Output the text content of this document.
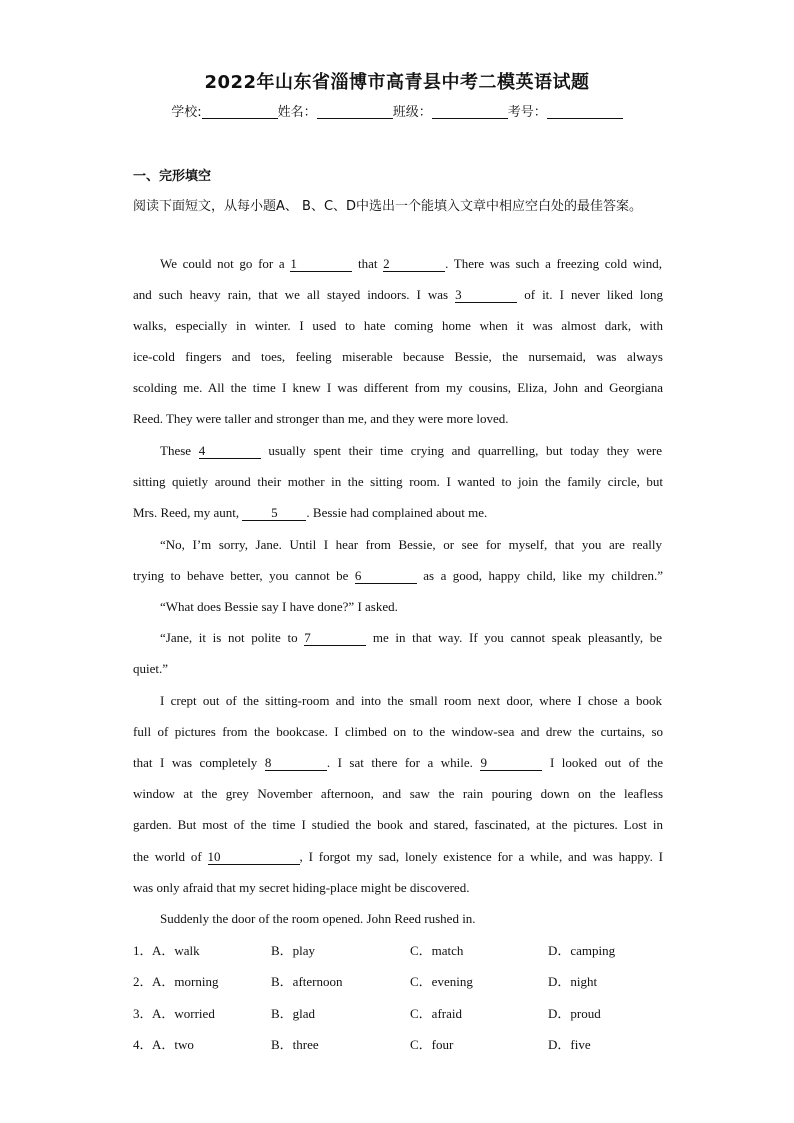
2022年山东省淄博市高青县中考二模英语试题
学校:	姓名：	班级：	考号：
一、完形填空
阅读下面短文，从每小题A、 B、C、D中选出一个能填入文章中相应空白处的最佳答案。
We could not go for a 1	that 2	. There was such a freezing cold wind,
and such heavy rain, that we all stayed indoors. I was 3	of it. I never liked long
walks, especially in winter. I used to hate coming home when it was almost dark, with
ice-cold fingers and toes, feeling miserable because Bessie, the nursemaid, was always
scolding me. All the time I knew I was different from my cousins, Eliza, John and Georgiana
Reed. They were taller and stronger than me, and they were more loved.
These 4	usually spent their time crying and quarrelling, but today they were
sitting quietly around their mother in the sitting room. I wanted to join the family circle, but
Mrs. Reed, my aunt, 5 . Bessie had complained about me.
“No, I’m sorry, Jane. Until I hear from Bessie, or see for myself, that you are really
trying to behave better, you cannot be 6	as a good, happy child, like my children.”
“What does Bessie say I have done?” I asked.
“Jane, it is not polite to 7	me in that way. If you cannot speak pleasantly, be
quiet.”
I crept out of the sitting-room and into the small room next door, where I chose a book
full of pictures from the bookcase. I climbed on to the window-sea and drew the curtains, so
that I was completely 8	. I sat there for a while. 9	I looked out of the
window at the grey November afternoon, and saw the rain pouring down on the leafless
garden. But most of the time I studied the book and stared, fascinated, at the pictures. Lost in
the world of 10	, I forgot my sad, lonely existence for a while, and was happy. I
was only afraid that my secret hiding-place might be discovered.
Suddenly the door of the room opened. John Reed rushed in.
1． A．walk	B．play	C．match	D．camping
2． A．morning	B．afternoon	C．evening	D．night
3． A．worried	B．glad	C．afraid	D．proud
4． A．two	B．three	C．four	D．five
